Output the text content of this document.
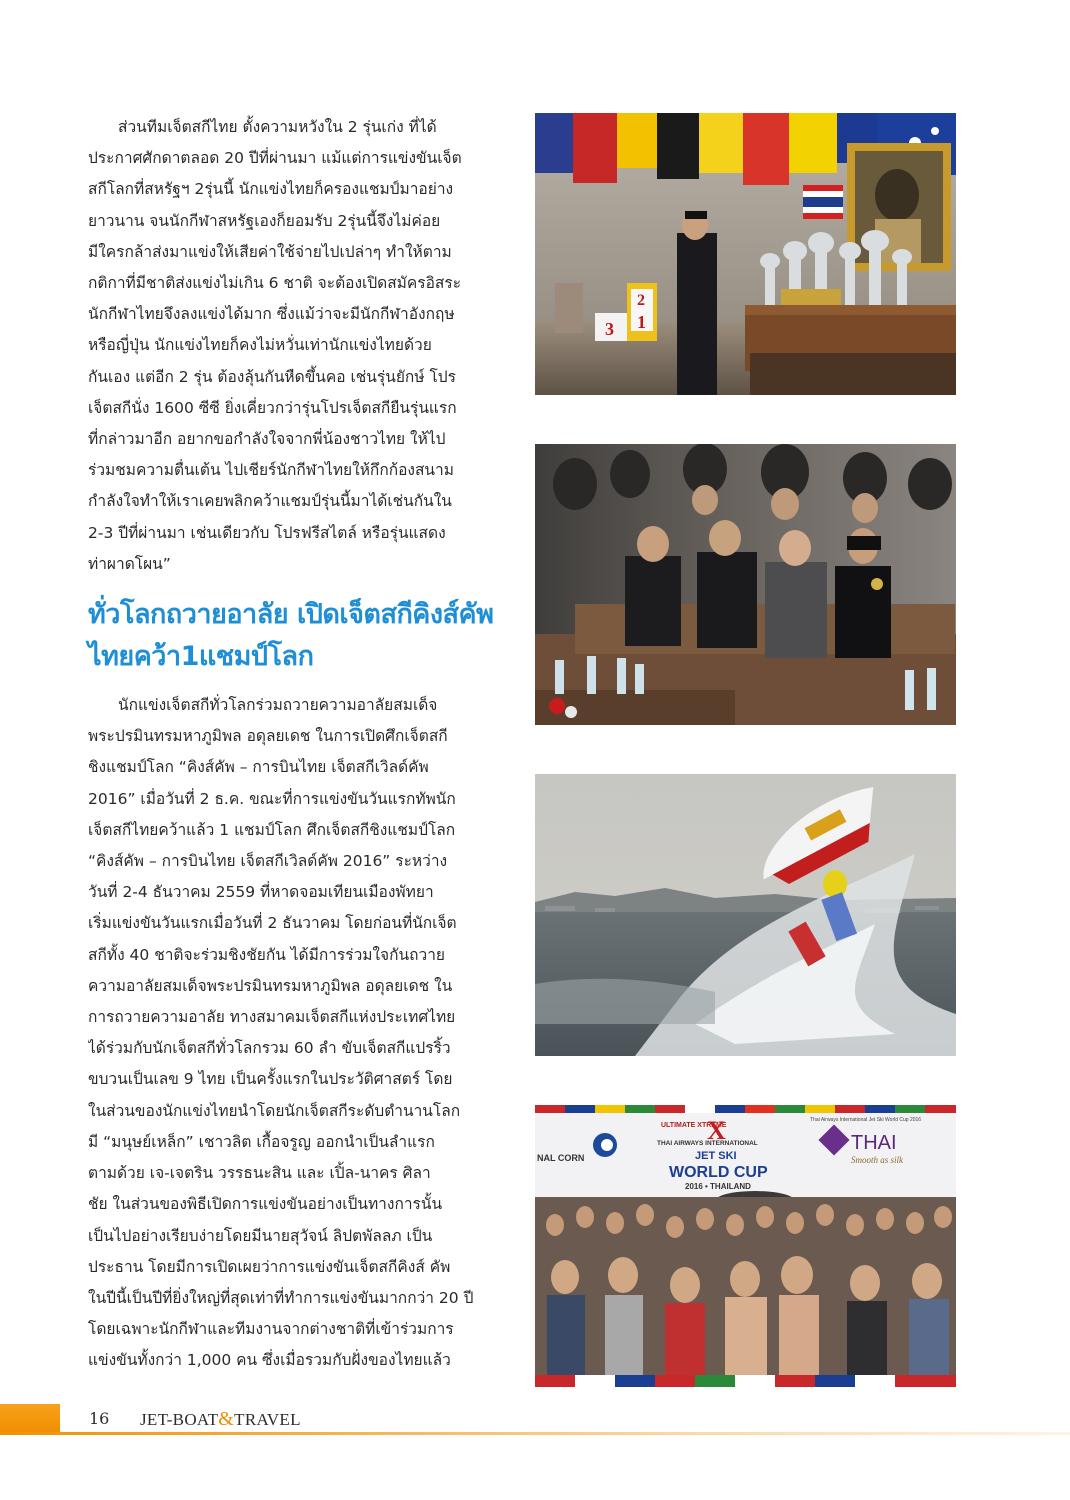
ส่วนทีมเจ็ตสกีไทย ตั้งความหวังใน 2 รุ่นเก่ง ที่ได้
ประกาศศักดาตลอด 20 ปีที่ผ่านมา แม้แต่การแข่งขันเจ็ต
สกีโลกที่สหรัฐฯ 2รุ่นนี้ นักแข่งไทยก็ครองแชมป์มาอย่าง
ยาวนาน จนนักกีฬาสหรัฐเองก็ยอมรับ 2รุ่นนี้จึงไม่ค่อย
มีใครกล้าส่งมาแข่งให้เสียค่าใช้จ่ายไปเปล่าๆ ทำให้ตาม
กติกาที่มีชาติส่งแข่งไม่เกิน 6 ชาติ จะต้องเปิดสมัครอิสระ
นักกีฬาไทยจึงลงแข่งได้มาก ซึ่งแม้ว่าจะมีนักกีฬาอังกฤษ
หรือญี่ปุ่น นักแข่งไทยก็คงไม่หวั่นเท่านักแข่งไทยด้วย
กันเอง แต่อีก 2 รุ่น ต้องลุ้นกันหืดขึ้นคอ เช่นรุ่นยักษ์ โปร
เจ็ตสกีนั่ง 1600 ซีซี ยิ่งเคี่ยวกว่ารุ่นโปรเจ็ตสกียืนรุ่นแรก
ที่กล่าวมาอีก อยากขอกำลังใจจากพี่น้องชาวไทย ให้ไป
ร่วมชมความตื่นเต้น ไปเชียร์นักกีฬาไทยให้กึกก้องสนาม
กำลังใจทำให้เราเคยพลิกคว้าแชมป์รุ่นนี้มาได้เช่นกันใน
2-3 ปีที่ผ่านมา เช่นเดียวกับ โปรฟรีสไตล์ หรือรุ่นแสดง
ท่าผาดโผน”

ทั่วโลกถวายอาลัย เปิดเจ็ตสกีคิงส์คัพ
ไทยคว้า1แชมป์โลก

นักแข่งเจ็ตสกีทั่วโลกร่วมถวายความอาลัยสมเด็จ
พระปรมินทรมหาภูมิพล อดุลยเดช ในการเปิดศึกเจ็ตสกี
ชิงแชมป์โลก “คิงส์คัพ – การบินไทย เจ็ตสกีเวิลด์คัพ
2016” เมื่อวันที่ 2 ธ.ค. ขณะที่การแข่งขันวันแรกทัพนัก
เจ็ตสกีไทยคว้าแล้ว 1 แชมป์โลก ศึกเจ็ตสกีชิงแชมป์โลก
“คิงส์คัพ – การบินไทย เจ็ตสกีเวิลด์คัพ 2016” ระหว่าง
วันที่ 2-4 ธันวาคม 2559 ที่หาดจอมเทียนเมืองพัทยา
เริ่มแข่งขันวันแรกเมื่อวันที่ 2 ธันวาคม โดยก่อนที่นักเจ็ต
สกีทั้ง 40 ชาติจะร่วมชิงชัยกัน ได้มีการร่วมใจกันถวาย
ความอาลัยสมเด็จพระปรมินทรมหาภูมิพล อดุลยเดช ใน
การถวายความอาลัย ทางสมาคมเจ็ตสกีแห่งประเทศไทย
ได้ร่วมกับนักเจ็ตสกีทั่วโลกรวม 60 ลำ ขับเจ็ตสกีแปรริ้ว
ขบวนเป็นเลข 9 ไทย เป็นครั้งแรกในประวัติศาสตร์ โดย
ในส่วนของนักแข่งไทยนำโดยนักเจ็ตสกีระดับตำนานโลก
มี “มนุษย์เหล็ก” เชาวลิต เกื้อจรูญ ออกนำเป็นลำแรก
ตามด้วย เจ-เจตริน วรรธนะสิน และ เปิ้ล-นาคร ศิลา
ชัย ในส่วนของพิธีเปิดการแข่งขันอย่างเป็นทางการนั้น
เป็นไปอย่างเรียบง่ายโดยมีนายสุวัจน์ ลิปตพัลลภ เป็น
ประธาน โดยมีการเปิดเผยว่าการแข่งขันเจ็ตสกีคิงส์ คัพ
ในปีนี้เป็นปีที่ยิ่งใหญ่ที่สุดเท่าที่ทำการแข่งขันมากกว่า 20 ปี
โดยเฉพาะนักกีฬาและทีมงานจากต่างชาติที่เข้าร่วมการ
แข่งขันทั้งกว่า 1,000 คน ซึ่งเมื่อรวมกับฝั่งของไทยแล้ว

3 1
2
NAL CORN
ULTIMATE XTREME
X
THAI AIRWAYS INTERNATIONAL
JET SKI
WORLD CUP
2016 • THAILAND
Thai Airways International Jet Ski World Cup 2016
THAI
Smooth as silk
16 JET-BOAT&TRAVEL
